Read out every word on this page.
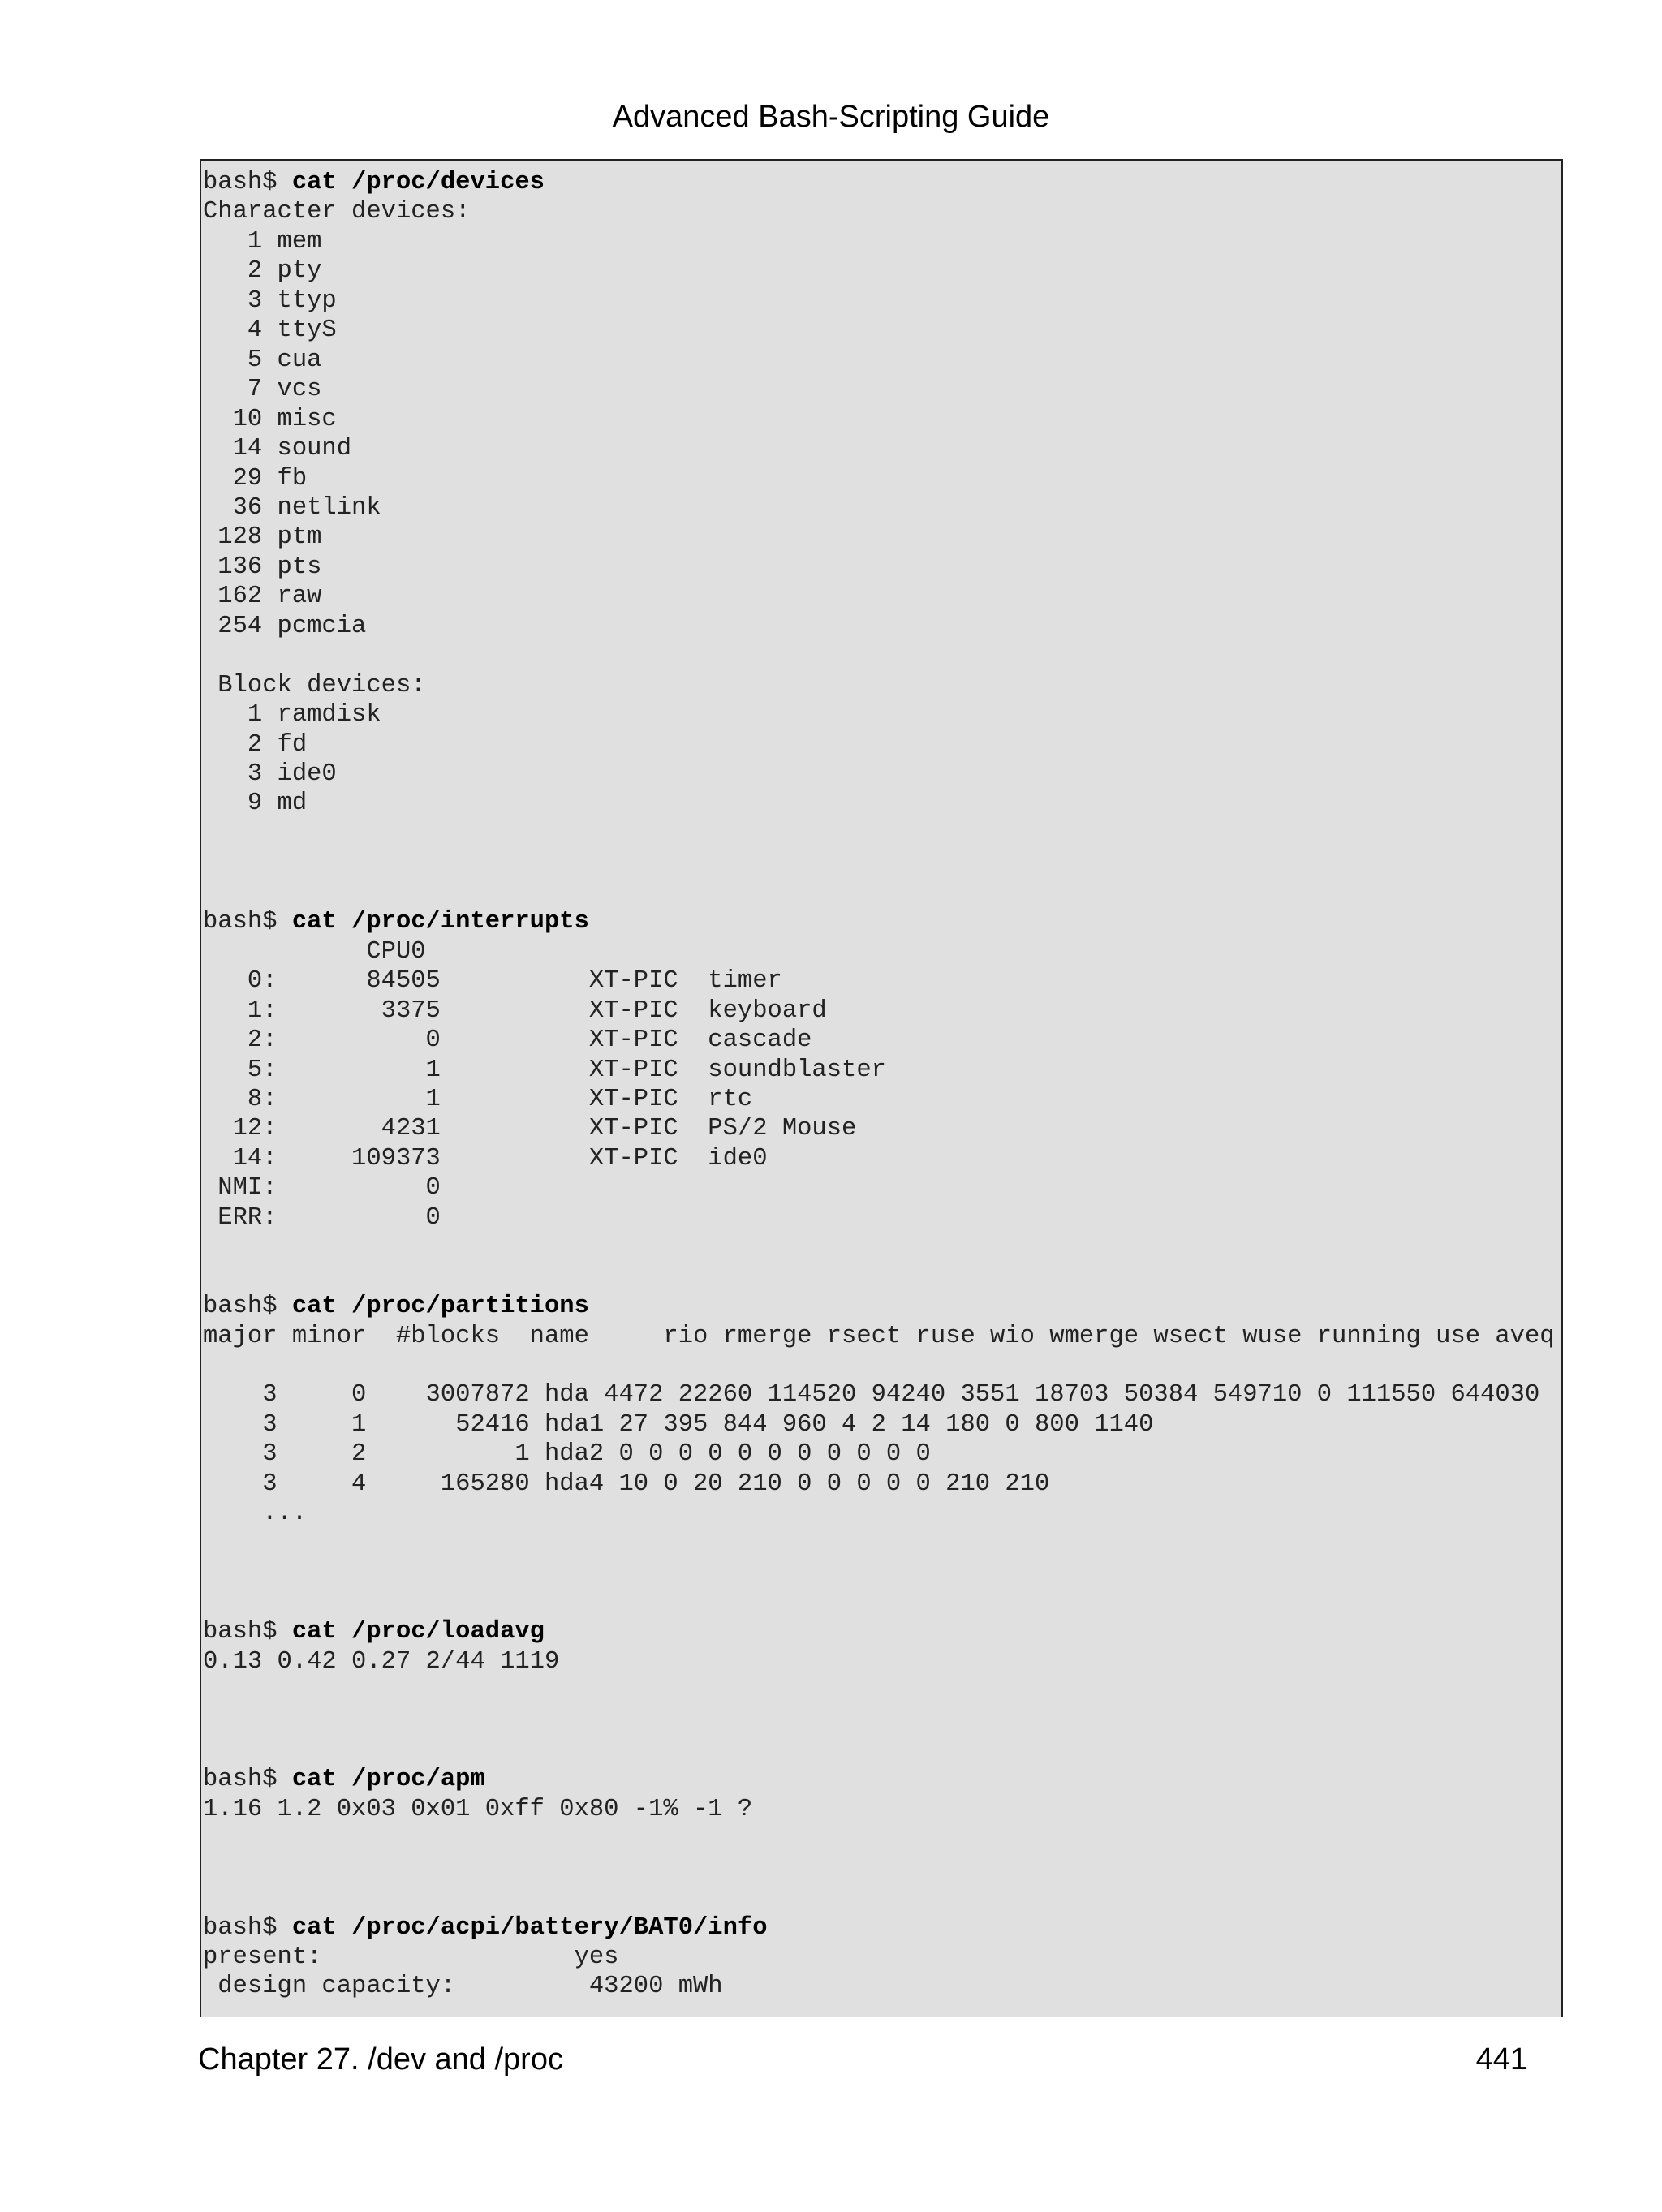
Advanced Bash-Scripting Guide
bash$ cat /proc/devices
Character devices:
1 mem
2 pty
3 ttyp
4 ttyS
5 cua
7 vcs
10 misc
14 sound
29 fb
36 netlink
128 ptm
136 pts
162 raw
254 pcmcia
Block devices:
1 ramdisk
2 fd
3 ide0
9 md
bash$ cat /proc/interrupts
CPU0
0:      84505          XT-PIC  timer
1:       3375          XT-PIC  keyboard
2:          0          XT-PIC  cascade
5:          1          XT-PIC  soundblaster
8:          1          XT-PIC  rtc
12:       4231          XT-PIC  PS/2 Mouse
14:     109373          XT-PIC  ide0
NMI:          0
ERR:          0
bash$ cat /proc/partitions
major minor  #blocks  name     rio rmerge rsect ruse wio wmerge wsect wuse running use aveq
3     0    3007872 hda 4472 22260 114520 94240 3551 18703 50384 549710 0 111550 644030
3     1      52416 hda1 27 395 844 960 4 2 14 180 0 800 1140
3     2          1 hda2 0 0 0 0 0 0 0 0 0 0 0
3     4     165280 hda4 10 0 20 210 0 0 0 0 0 210 210
...
bash$ cat /proc/loadavg
0.13 0.42 0.27 2/44 1119
bash$ cat /proc/apm
1.16 1.2 0x03 0x01 0xff 0x80 -1% -1 ?
bash$ cat /proc/acpi/battery/BAT0/info
present:                 yes
design capacity:         43200 mWh
Chapter 27. /dev and /proc	441
